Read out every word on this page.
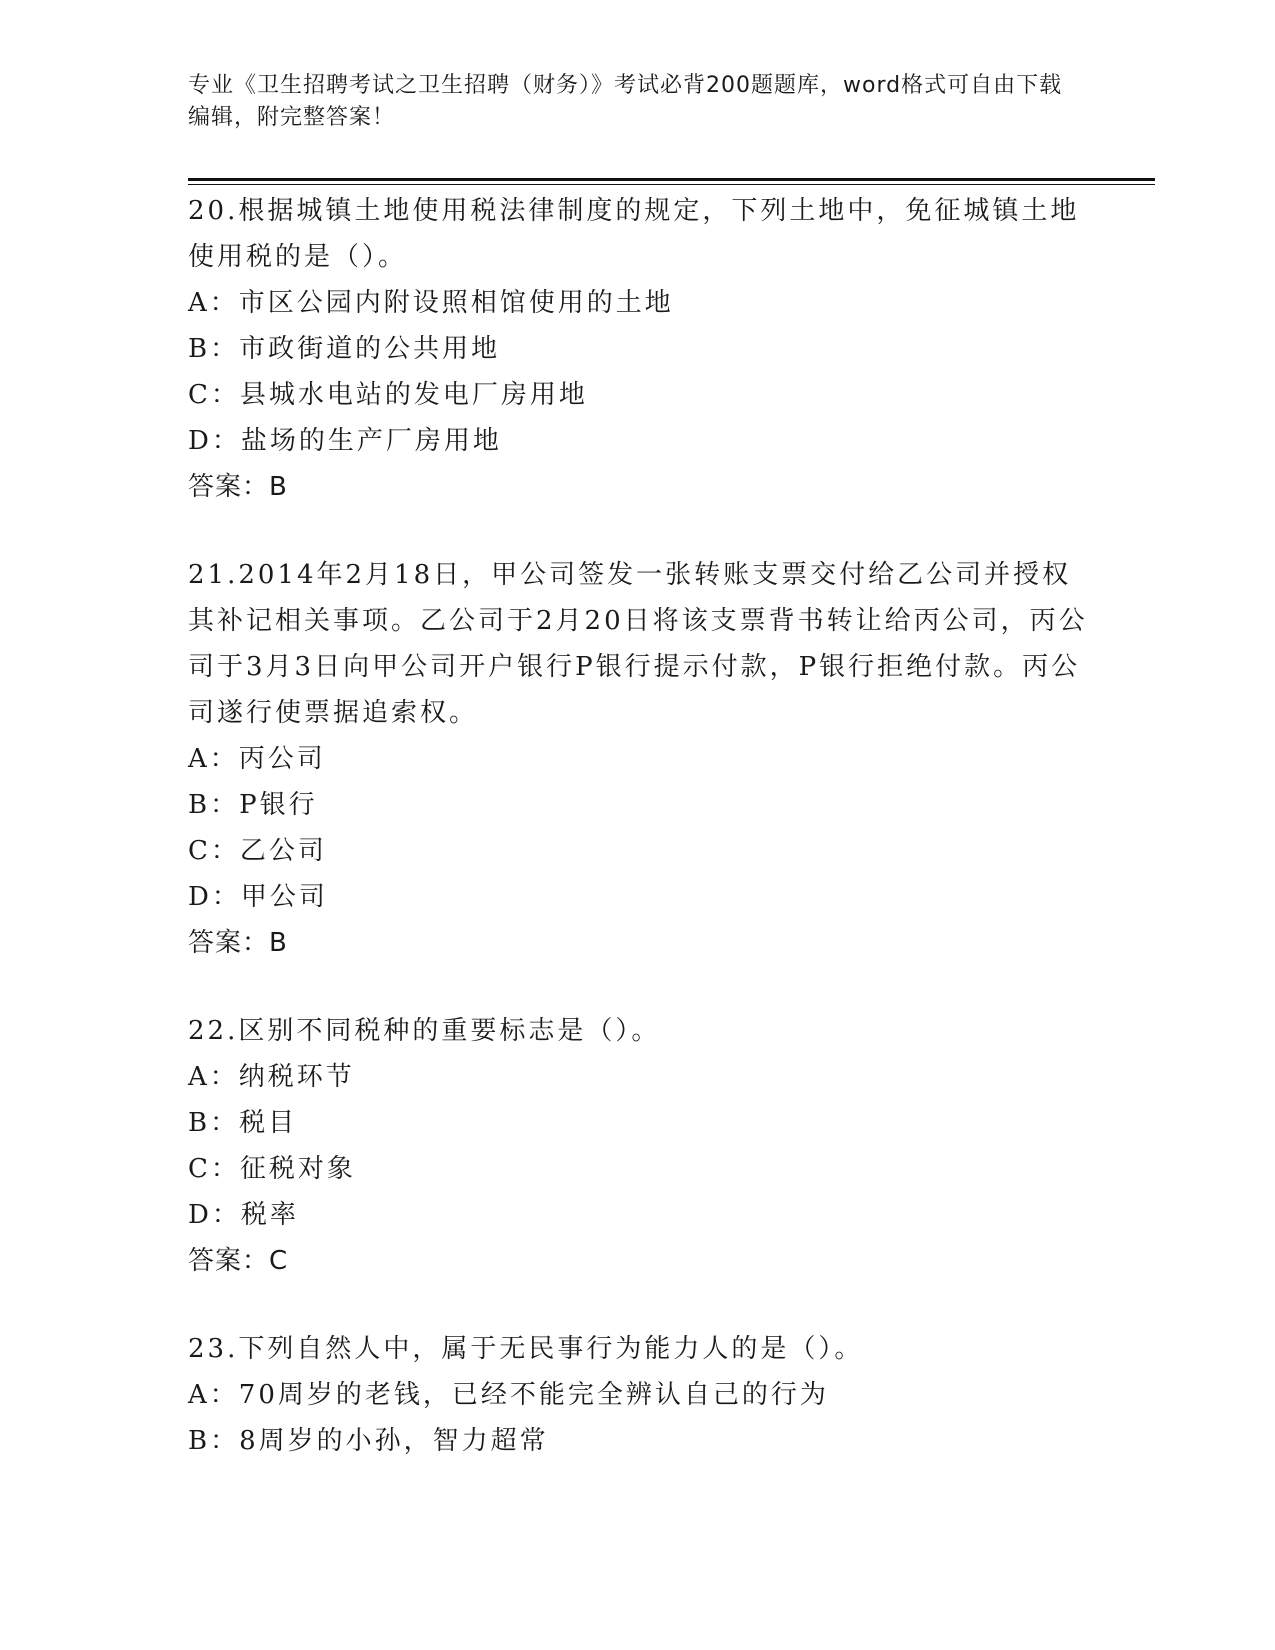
专业《卫生招聘考试之卫生招聘（财务）》考试必背200题题库，word格式可自由下载编辑，附完整答案！
20.根据城镇土地使用税法律制度的规定，下列土地中，免征城镇土地使用税的是（）。
A：市区公园内附设照相馆使用的土地
B：市政街道的公共用地
C：县城水电站的发电厂房用地
D：盐场的生产厂房用地
答案：B
21.2014年2月18日，甲公司签发一张转账支票交付给乙公司并授权其补记相关事项。乙公司于2月20日将该支票背书转让给丙公司，丙公司于3月3日向甲公司开户银行P银行提示付款，P银行拒绝付款。丙公司遂行使票据追索权。
A：丙公司
B：P银行
C：乙公司
D：甲公司
答案：B
22.区别不同税种的重要标志是（）。
A：纳税环节
B：税目
C：征税对象
D：税率
答案：C
23.下列自然人中，属于无民事行为能力人的是（）。
A：70周岁的老钱，已经不能完全辨认自己的行为
B：8周岁的小孙，智力超常
